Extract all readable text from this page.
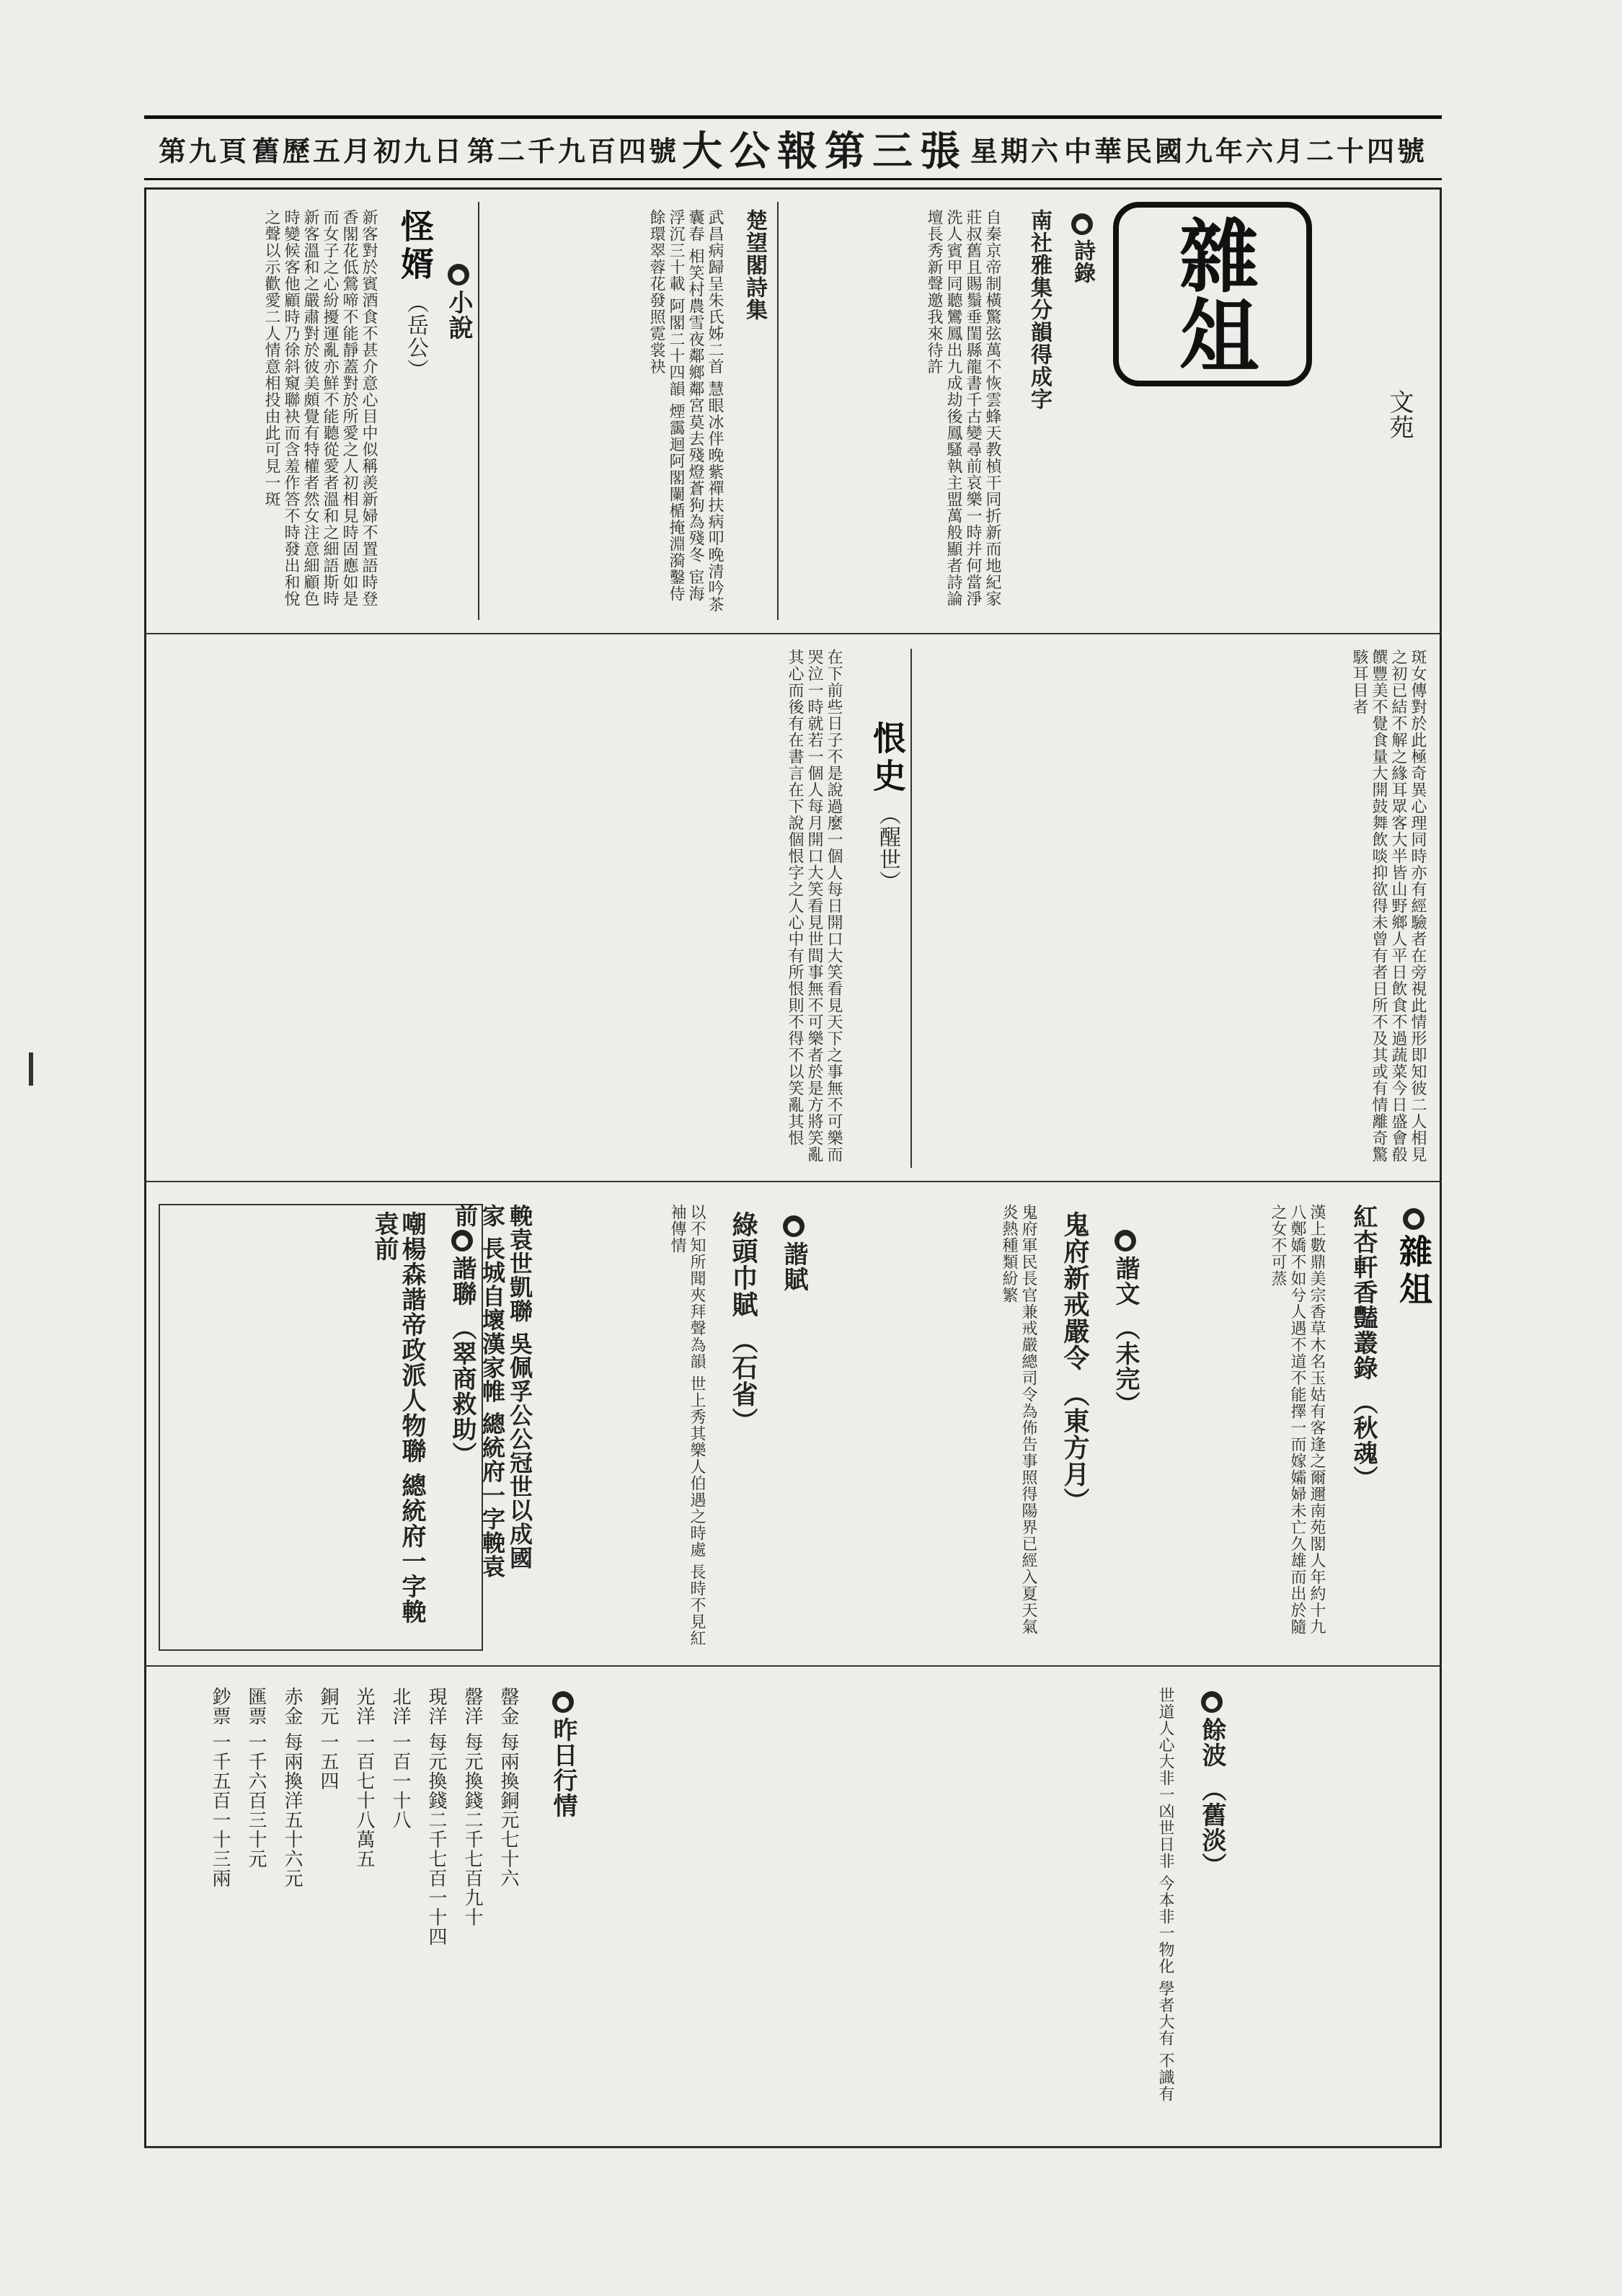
中華民國九年六月二十四號
星期六
大公報第三張
第二千九百四號
舊歷五月初九日
第九頁
雜俎
文苑
●詩錄
南社雅集分韻得成字
自秦京帝制橫驚弦萬不恢雲蜂天教楨干同折新而地紀家莊叔舊且賜鬚垂閨縣龍書千古變尋前哀樂一時并何當淨洗人賓甲同聽鸞鳳出九成劫後鳳騷執主盟萬般顯者詩論壇長秀新聲邀我來待許
楚望閣詩集
武昌病歸呈朱氏姊二首 慧眼冰伴晚紫禪扶病叩晚清吟茶囊春 相笑村農雪夜鄰鄉鄰宮莫去殘燈蒼狗為殘冬 宦海浮沉三十載 阿閣二十四韻 煙靄迴阿閣闌楯掩淵漪鑿侍餘環翠蓉花發照霓裳袂
●小說
怪婿 （岳公）
新客對於賓酒食不甚介意心目中似稱羨新婦不置語時登香閣花低鶯啼不能靜蓋對於所愛之人初相見時固應如是而女子之心紛擾運亂亦鮮不能聽從愛者溫和之細語斯時新客溫和之嚴肅對於彼美頗覺有特權者然女注意細顧色時變候客他顧時乃徐斜窺聯袂而含羞作答不時發出和悅之聲以示歡愛二人情意相投由此可見一斑
斑女傳對於此極奇異心理同時亦有經驗者在旁視此情形即知彼二人相見之初已結不解之緣耳眾客大半皆山野鄉人平日飲食不過蔬菜今日盛會殽饌豐美不覺食量大開鼓舞飲啖抑欲得未曾有者日所不及其或有情離奇驚駭耳目者
恨史 （醒世）
在下前些日子不是說過麼一個人每日開口大笑看見天下之事無不可樂而哭泣一時就若一個人每月開口大笑看見世間事無不可樂者於是方將笑亂其心而後有在書言在下說個恨字之人心中有所恨則不得不以笑亂其恨
●雜俎
紅杏軒香豔叢錄 （秋魂）
漢上數鼎美宗香草木名玉姑有客逢之爾邇南苑閣人年約十九八鄭嬌不如兮人遇不道不能擇一而嫁孀婦未亡久雄而出於隨之女不可蒸
●諧文 （未完）
鬼府新戒嚴令 （東方月）
鬼府軍民長官兼戒嚴總司令為佈告事照得陽界已經入夏天氣炎熱種類紛繁
●諧賦
綠頭巾賦 （石省）
以不知所聞夾拜聲為韻 世上秀其樂人伯遇之時處 長時不見紅袖傳情
輓袁世凱聯 吳佩孚公公冠世以成國家 長城自壞漢家帷 總統府一字輓袁前
●諧聯 （翠商救助）
嘲楊森諧帝政派人物聯 總統府一字輓袁前
●餘波 （舊淡）
世道人心大非一凶世日非 今本非一物化 學者大有 不識有
●昨日行情
罄金 每兩換銅元七十六
罄洋 每元換錢二千七百九十
現洋 每元換錢二千七百一十四
北洋 一百一十八
光洋 一百七十八萬五
銅元 一五四
赤金 每兩換洋五十六元
匯票 一千六百三十元
鈔票 一千五百一十三兩
